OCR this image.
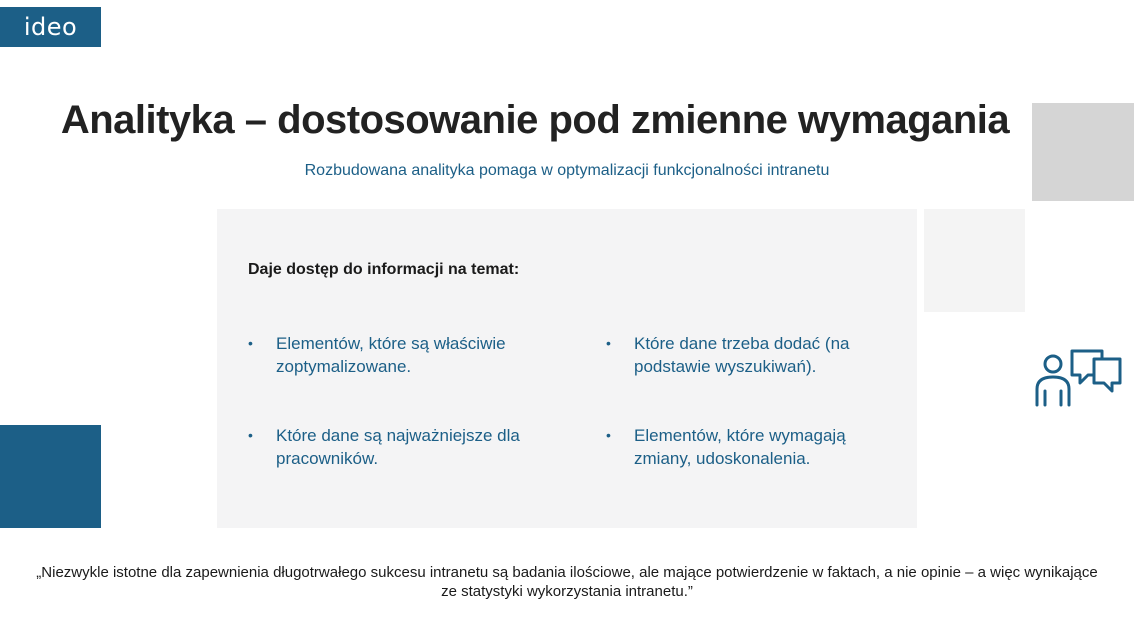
ideo
Analityka – dostosowanie pod zmienne wymagania

Rozbudowana analityka pomaga w optymalizacji funkcjonalności intranetu

Daje dostęp do informacji na temat:

• Elementów, które są właściwie zoptymalizowane.
• Które dane trzeba dodać (na podstawie wyszukiwań).
• Które dane są najważniejsze dla pracowników.
• Elementów, które wymagają zmiany, udoskonalenia.

„Niezwykle istotne dla zapewnienia długotrwałego sukcesu intranetu są badania ilościowe, ale mające potwierdzenie w faktach, a nie opinie – a więc wynikające ze statystyki wykorzystania intranetu.”
